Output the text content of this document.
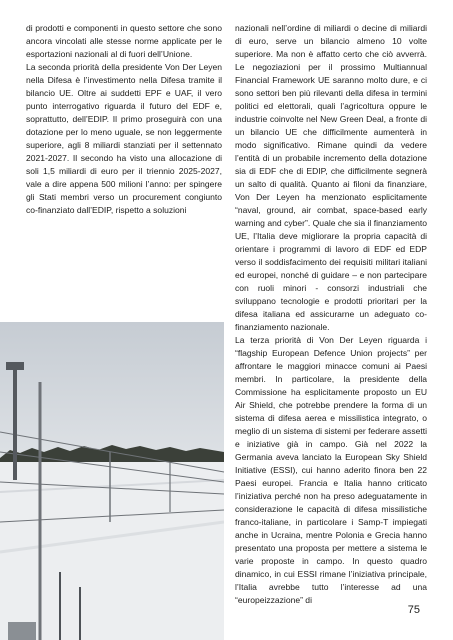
di prodotti e componenti in questo settore che sono ancora vincolati alle stesse norme applicate per le esportazioni nazionali al di fuori dell’Unione.

La seconda priorità della presidente Von Der Leyen nella Difesa è l’investimento nella Difesa tramite il bilancio UE. Oltre ai suddetti EPF e UAF, il vero punto interrogativo riguarda il futuro del EDF e, soprattutto, dell’EDIP. Il primo proseguirà con una dotazione per lo meno uguale, se non leggermente superiore, agli 8 miliardi stanziati per il settennato 2021-2027. Il secondo ha visto una allocazione di soli 1,5 miliardi di euro per il triennio 2025-2027, vale a dire appena 500 milioni l’anno: per spingere gli Stati membri verso un procurement congiunto co-finanziato dall’EDIP, rispetto a soluzioni

nazionali nell’ordine di miliardi o decine di miliardi di euro, serve un bilancio almeno 10 volte superiore. Ma non è affatto certo che ciò avverrà. Le negoziazioni per il prossimo Multiannual Financial Framework UE saranno molto dure, e ci sono settori ben più rilevanti della difesa in termini politici ed elettorali, quali l’agricoltura oppure le industrie coinvolte nel New Green Deal, a fronte di un bilancio UE che difficilmente aumenterà in modo significativo. Rimane quindi da vedere l’entità di un probabile incremento della dotazione sia di EDF che di EDIP, che difficilmente segnerà un salto di qualità. Quanto ai filoni da finanziare, Von Der Leyen ha menzionato esplicitamente “naval, ground, air combat, space-based early warning and cyber”. Quale che sia il finanziamento UE, l’Italia deve migliorare la propria capacità di orientare i programmi di lavoro di EDF ed EDP verso il soddisfacimento dei requisiti militari italiani ed europei, nonché di guidare – e non partecipare con ruoli minori - consorzi industriali che sviluppano tecnologie e prodotti prioritari per la difesa italiana ed assicurarne un adeguato co-finanziamento nazionale.

La terza priorità di Von Der Leyen riguarda i “flagship European Defence Union projects” per affrontare le maggiori minacce comuni ai Paesi membri. In particolare, la presidente della Commissione ha esplicitamente proposto un EU Air Shield, che potrebbe prendere la forma di un sistema di difesa aerea e missilistica integrato, o meglio di un sistema di sistemi per federare assetti e iniziative già in campo. Già nel 2022 la Germania aveva lanciato la European Sky Shield Initiative (ESSI), cui hanno aderito finora ben 22 Paesi europei. Francia e Italia hanno criticato l’iniziativa perché non ha preso adeguatamente in considerazione le capacità di difesa missilistiche franco-italiane, in particolare i Samp-T impiegati anche in Ucraina, mentre Polonia e Grecia hanno presentato una proposta per mettere a sistema le varie proposte in campo. In questo quadro dinamico, in cui ESSI rimane l’iniziativa principale, l’Italia avrebbe tutto l’interesse ad una “europeizzazione” di

75
